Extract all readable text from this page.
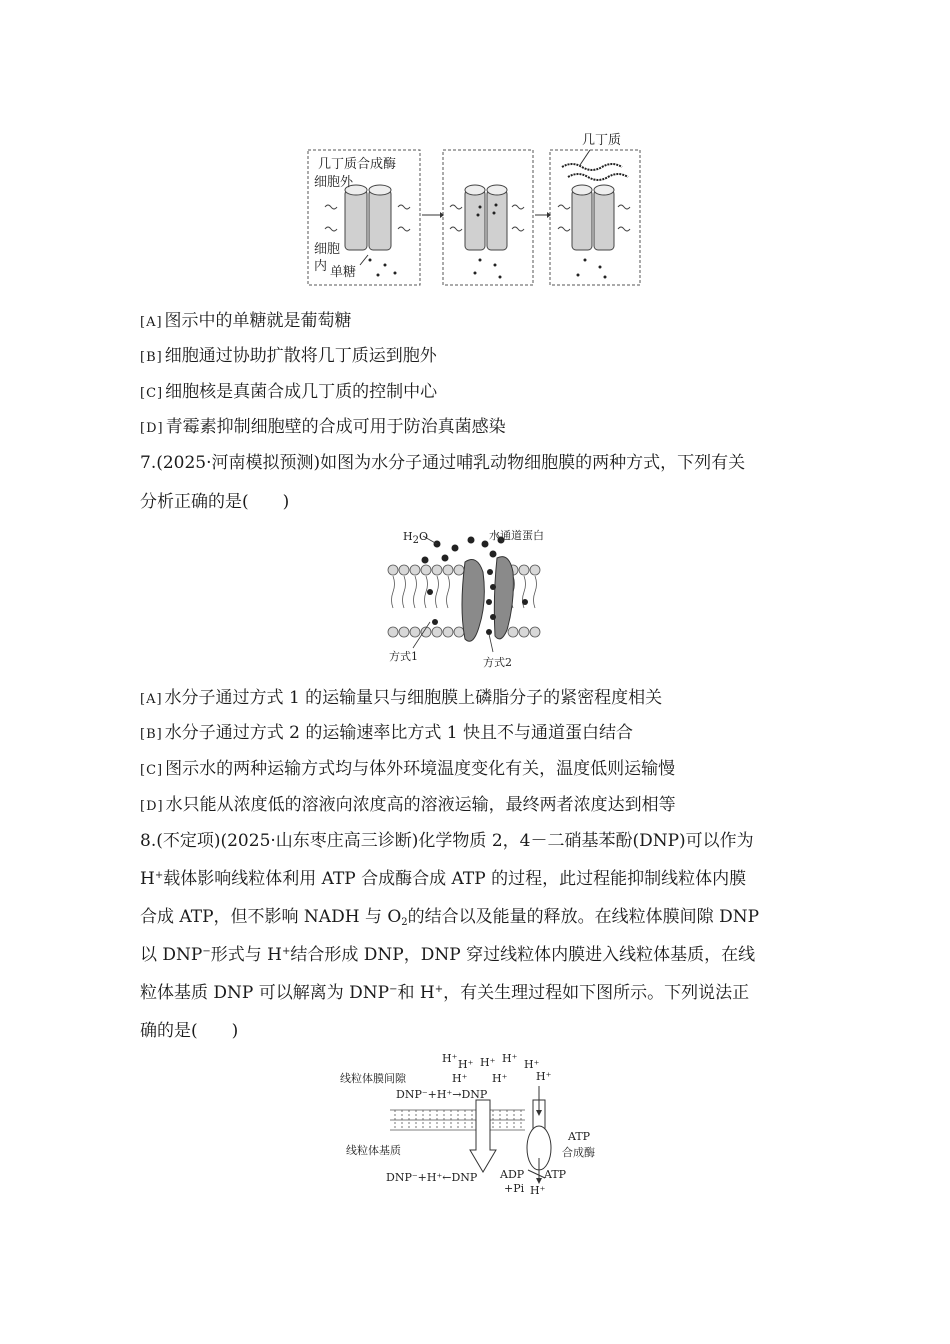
几丁质合成酶
细胞外
细胞
内 单糖
几丁质
[A] 图示中的单糖就是葡萄糖
[B] 细胞通过协助扩散将几丁质运到胞外
[C] 细胞核是真菌合成几丁质的控制中心
[D] 青霉素抑制细胞壁的合成可用于防治真菌感染
7.(2025·河南模拟预测)如图为水分子通过哺乳动物细胞膜的两种方式，下列有关
分析正确的是(　　)
$H_2O$	水通道蛋白
方式1	方式2
[A] 水分子通过方式 1 的运输量只与细胞膜上磷脂分子的紧密程度相关
[B] 水分子通过方式 2 的运输速率比方式 1 快且不与通道蛋白结合
[C] 图示水的两种运输方式均与体外环境温度变化有关，温度低则运输慢
[D] 水只能从浓度低的溶液向浓度高的溶液运输，最终两者浓度达到相等
8.(不定项)(2025·山东枣庄高三诊断)化学物质 2，4－二硝基苯酚(DNP)可以作为
H+载体影响线粒体利用 ATP 合成酶合成 ATP 的过程，此过程能抑制线粒体内膜
合成 ATP，但不影响 NADH 与 $O_2$的结合以及能量的释放。在线粒体膜间隙 DNP
以 DNP−形式与 H+结合形成 DNP，DNP 穿过线粒体内膜进入线粒体基质，在线
粒体基质 DNP 可以解离为 DNP−和 H+，有关生理过程如下图所示。下列说法正
确的是(　　)
线粒体膜间隙
DNP⁻+H⁺→DNP
线粒体基质
DNP⁻+H⁺←DNP
H⁺ H⁺ H⁺ H⁺ H⁺
H⁺ H⁺	H⁺
ATP
合成酶
ADP
+Pi
ATP
H⁺
